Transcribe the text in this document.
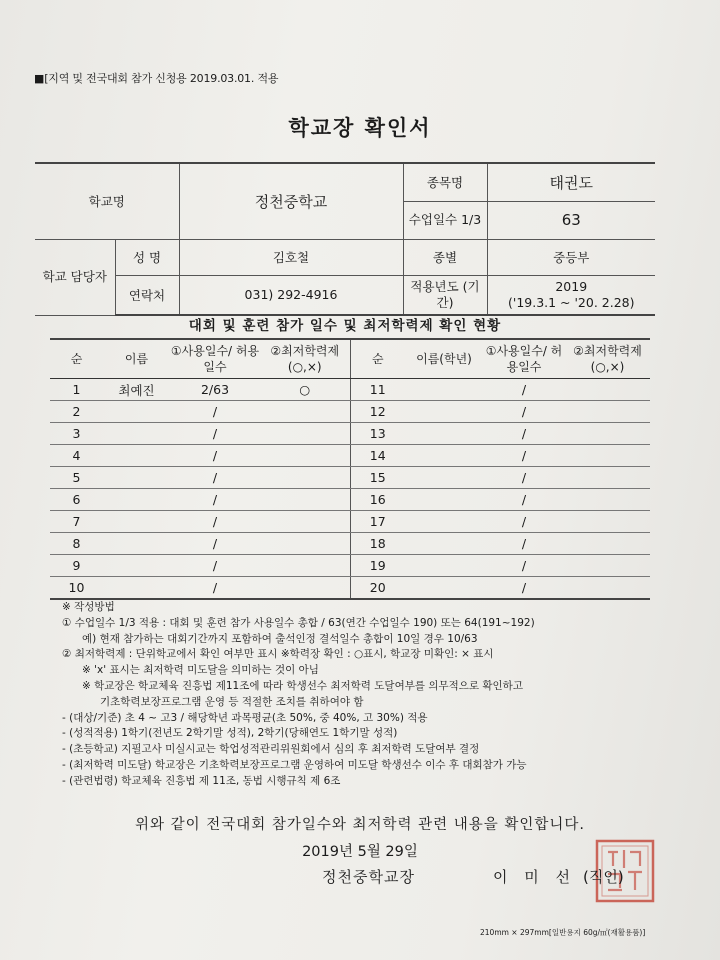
■[지역 및 전국대회 참가 신청용 2019.03.01. 적용
학교장 확인서
학교명		정천중학교	종목명	태권도
			수업일수 1/3	63
학교 담당자	성 명	김호철	종별	중등부
	연락처	031) 292-4916	적용년도 (기간)	2019
('19.3.1 ~ '20. 2.28)
대회 및 훈련 참가 일수 및 최저학력제 확인 현황
순	이름	①사용일수/ 허용일수	②최저학력제 (○,×)	순	이름(학년)	①사용일수/ 허용일수	②최저학력제 (○,×)
1	최예진	2/63	○	11		/	
2		/		12		/	
3		/		13		/	
4		/		14		/	
5		/		15		/	
6		/		16		/	
7		/		17		/	
8		/		18		/	
9		/		19		/	
10		/		20		/	
※ 작성방법
① 수업일수 1/3 적용 : 대회 및 훈련 참가 사용일수 총합 / 63(연간 수업일수 190) 또는 64(191~192)
예) 현재 참가하는 대회기간까지 포함하여 출석인정 결석일수 총합이 10일 경우 10/63
② 최저학력제 : 단위학교에서 확인 여부만 표시 ※학력장 확인 : ○표시, 학교장 미확인: × 표시
※ 'x' 표시는 최저학력 미도달을 의미하는 것이 아님
※ 학교장은 학교체육 진흥법 제11조에 따라 학생선수 최저학력 도달여부를 의무적으로 확인하고
기초학력보장프로그램 운영 등 적절한 조치를 취하여야 함
- (대상/기준) 초 4 ~ 고3 / 해당학년 과목평균(초 50%, 중 40%, 고 30%) 적용
- (성적적용) 1학기(전년도 2학기말 성적), 2학기(당해연도 1학기말 성적)
- (초등학교) 지필고사 미실시교는 학업성적관리위원회에서 심의 후 최저학력 도달여부 결정
- (최저학력 미도달) 학교장은 기초학력보장프로그램 운영하여 미도달 학생선수 이수 후 대회참가 가능
- (관련법령) 학교체육 진흥법 제 11조, 동법 시행규칙 제 6조
위와 같이 전국대회 참가일수와 최저학력 관련 내용을 확인합니다.
2019년 5월 29일
정천중학교장	이 미 선 (직인)
210mm × 297mm[일반용지 60g/㎡(재활용품)]
